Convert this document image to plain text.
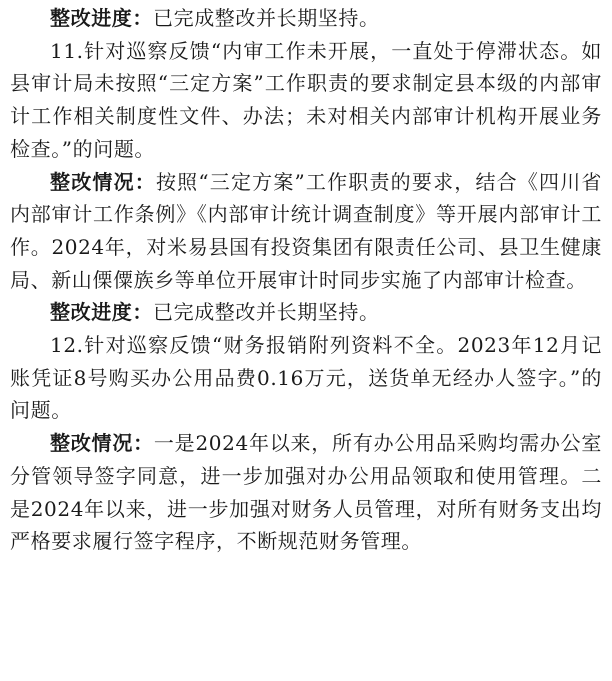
整改进度：已完成整改并长期坚持。

11.针对巡察反馈“内审工作未开展，一直处于停滞状态。如县审计局未按照“三定方案”工作职责的要求制定县本级的内部审计工作相关制度性文件、办法；未对相关内部审计机构开展业务检查。”的问题。

整改情况：按照“三定方案”工作职责的要求，结合《四川省内部审计工作条例》《内部审计统计调查制度》等开展内部审计工作。2024年，对米易县国有投资集团有限责任公司、县卫生健康局、新山傈僳族乡等单位开展审计时同步实施了内部审计检查。

整改进度：已完成整改并长期坚持。

12.针对巡察反馈“财务报销附列资料不全。2023年12月记账凭证8号购买办公用品费0.16万元，送货单无经办人签字。”的问题。

整改情况：一是2024年以来，所有办公用品采购均需办公室分管领导签字同意，进一步加强对办公用品领取和使用管理。二是2024年以来，进一步加强对财务人员管理，对所有财务支出均严格要求履行签字程序，不断规范财务管理。
